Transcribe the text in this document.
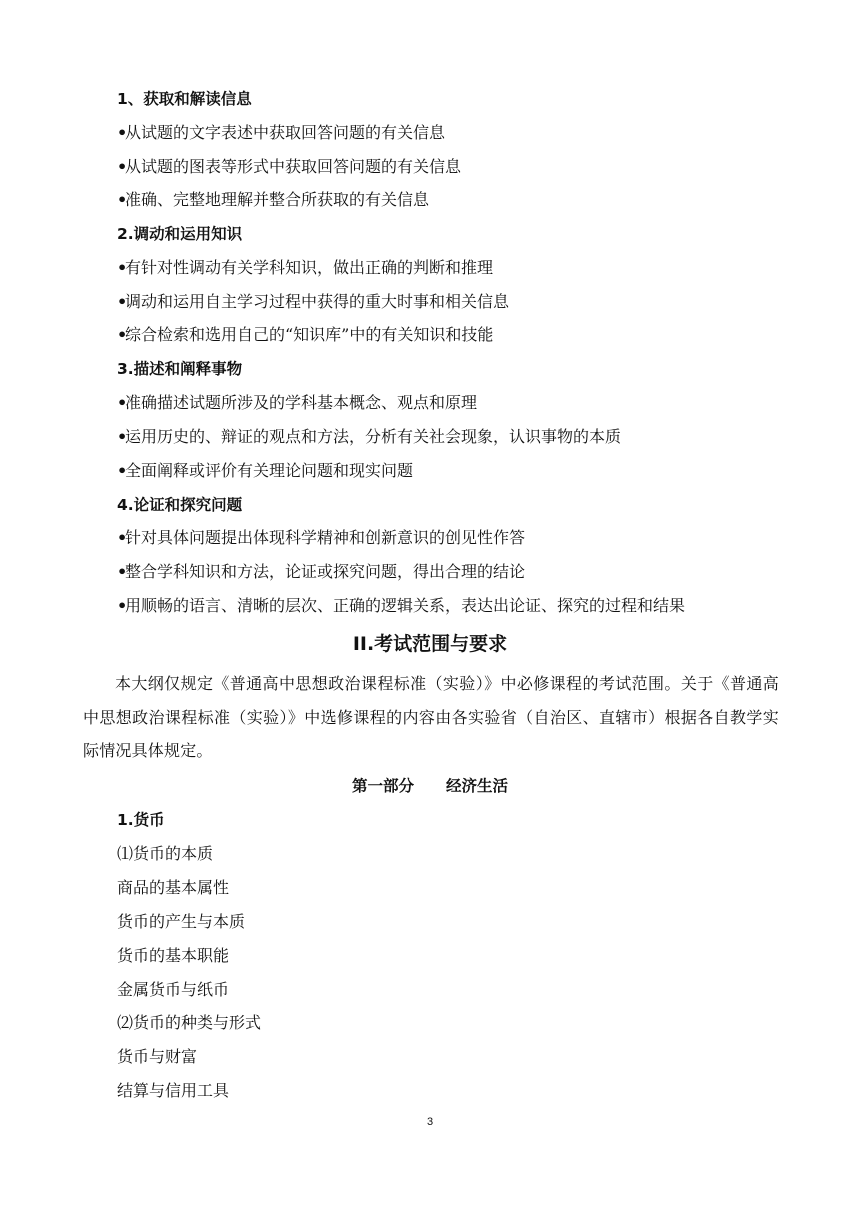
1、获取和解读信息
•从试题的文字表述中获取回答问题的有关信息
•从试题的图表等形式中获取回答问题的有关信息
•准确、完整地理解并整合所获取的有关信息
2.调动和运用知识
•有针对性调动有关学科知识，做出正确的判断和推理
•调动和运用自主学习过程中获得的重大时事和相关信息
•综合检索和选用自己的“知识库”中的有关知识和技能
3.描述和阐释事物
•准确描述试题所涉及的学科基本概念、观点和原理
•运用历史的、辩证的观点和方法，分析有关社会现象，认识事物的本质
•全面阐释或评价有关理论问题和现实问题
4.论证和探究问题
•针对具体问题提出体现科学精神和创新意识的创见性作答
•整合学科知识和方法，论证或探究问题，得出合理的结论
•用顺畅的语言、清晰的层次、正确的逻辑关系，表达出论证、探究的过程和结果
II.考试范围与要求
本大纲仅规定《普通高中思想政治课程标准（实验）》中必修课程的考试范围。关于《普通高中思想政治课程标准（实验）》中选修课程的内容由各实验省（自治区、直辖市）根据各自教学实际情况具体规定。
第一部分 经济生活
1.货币
⑴货币的本质
商品的基本属性
货币的产生与本质
货币的基本职能
金属货币与纸币
⑵货币的种类与形式
货币与财富
结算与信用工具
3
